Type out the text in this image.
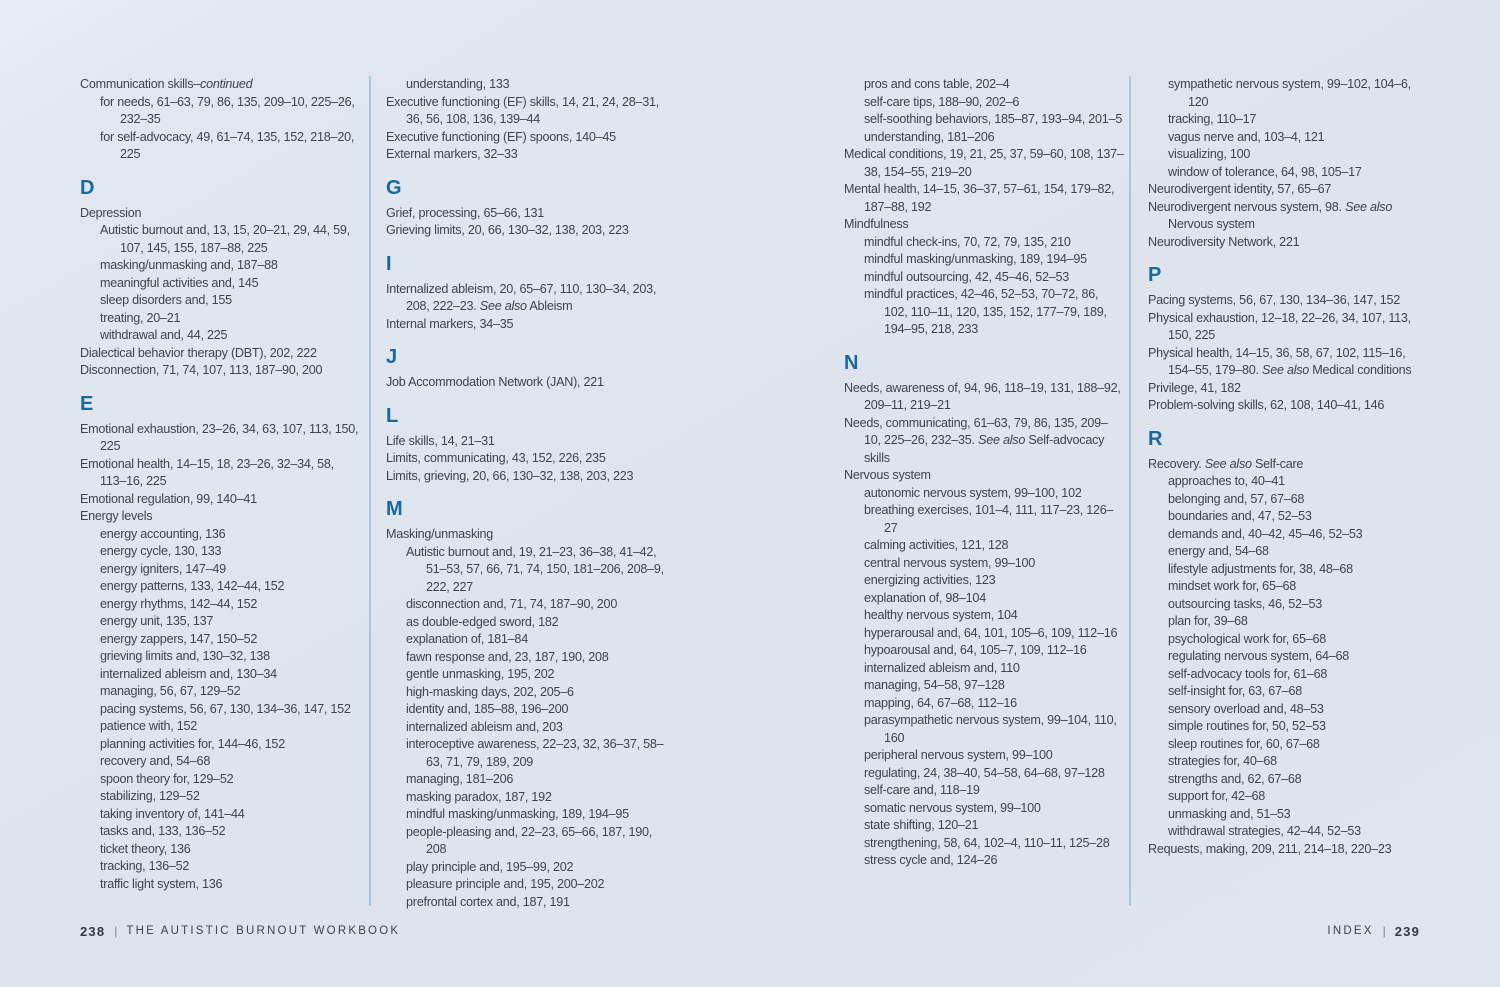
Communication skills–continued
for needs, 61–63, 79, 86, 135, 209–10, 225–26, 232–35
for self-advocacy, 49, 61–74, 135, 152, 218–20, 225
D
Depression
Autistic burnout and, 13, 15, 20–21, 29, 44, 59, 107, 145, 155, 187–88, 225
masking/unmasking and, 187–88
meaningful activities and, 145
sleep disorders and, 155
treating, 20–21
withdrawal and, 44, 225
Dialectical behavior therapy (DBT), 202, 222
Disconnection, 71, 74, 107, 113, 187–90, 200
E
Emotional exhaustion, 23–26, 34, 63, 107, 113, 150, 225
Emotional health, 14–15, 18, 23–26, 32–34, 58, 113–16, 225
Emotional regulation, 99, 140–41
Energy levels
energy accounting, 136
energy cycle, 130, 133
energy igniters, 147–49
energy patterns, 133, 142–44, 152
energy rhythms, 142–44, 152
energy unit, 135, 137
energy zappers, 147, 150–52
grieving limits and, 130–32, 138
internalized ableism and, 130–34
managing, 56, 67, 129–52
pacing systems, 56, 67, 130, 134–36, 147, 152
patience with, 152
planning activities for, 144–46, 152
recovery and, 54–68
spoon theory for, 129–52
stabilizing, 129–52
taking inventory of, 141–44
tasks and, 133, 136–52
ticket theory, 136
tracking, 136–52
traffic light system, 136
understanding, 133
Executive functioning (EF) skills, 14, 21, 24, 28–31, 36, 56, 108, 136, 139–44
Executive functioning (EF) spoons, 140–45
External markers, 32–33
G
Grief, processing, 65–66, 131
Grieving limits, 20, 66, 130–32, 138, 203, 223
I
Internalized ableism, 20, 65–67, 110, 130–34, 203, 208, 222–23. See also Ableism
Internal markers, 34–35
J
Job Accommodation Network (JAN), 221
L
Life skills, 14, 21–31
Limits, communicating, 43, 152, 226, 235
Limits, grieving, 20, 66, 130–32, 138, 203, 223
M
Masking/unmasking
Autistic burnout and, 19, 21–23, 36–38, 41–42, 51–53, 57, 66, 71, 74, 150, 181–206, 208–9, 222, 227
disconnection and, 71, 74, 187–90, 200
as double-edged sword, 182
explanation of, 181–84
fawn response and, 23, 187, 190, 208
gentle unmasking, 195, 202
high-masking days, 202, 205–6
identity and, 185–88, 196–200
internalized ableism and, 203
interoceptive awareness, 22–23, 32, 36–37, 58–63, 71, 79, 189, 209
managing, 181–206
masking paradox, 187, 192
mindful masking/unmasking, 189, 194–95
people-pleasing and, 22–23, 65–66, 187, 190, 208
play principle and, 195–99, 202
pleasure principle and, 195, 200–202
prefrontal cortex and, 187, 191
pros and cons table, 202–4
self-care tips, 188–90, 202–6
self-soothing behaviors, 185–87, 193–94, 201–5
understanding, 181–206
Medical conditions, 19, 21, 25, 37, 59–60, 108, 137–38, 154–55, 219–20
Mental health, 14–15, 36–37, 57–61, 154, 179–82, 187–88, 192
Mindfulness
mindful check-ins, 70, 72, 79, 135, 210
mindful masking/unmasking, 189, 194–95
mindful outsourcing, 42, 45–46, 52–53
mindful practices, 42–46, 52–53, 70–72, 86, 102, 110–11, 120, 135, 152, 177–79, 189, 194–95, 218, 233
N
Needs, awareness of, 94, 96, 118–19, 131, 188–92, 209–11, 219–21
Needs, communicating, 61–63, 79, 86, 135, 209–10, 225–26, 232–35. See also Self-advocacy skills
Nervous system
autonomic nervous system, 99–100, 102
breathing exercises, 101–4, 111, 117–23, 126–27
calming activities, 121, 128
central nervous system, 99–100
energizing activities, 123
explanation of, 98–104
healthy nervous system, 104
hyperarousal and, 64, 101, 105–6, 109, 112–16
hypoarousal and, 64, 105–7, 109, 112–16
internalized ableism and, 110
managing, 54–58, 97–128
mapping, 64, 67–68, 112–16
parasympathetic nervous system, 99–104, 110, 160
peripheral nervous system, 99–100
regulating, 24, 38–40, 54–58, 64–68, 97–128
self-care and, 118–19
somatic nervous system, 99–100
state shifting, 120–21
strengthening, 58, 64, 102–4, 110–11, 125–28
stress cycle and, 124–26
sympathetic nervous system, 99–102, 104–6, 120
tracking, 110–17
vagus nerve and, 103–4, 121
visualizing, 100
window of tolerance, 64, 98, 105–17
Neurodivergent identity, 57, 65–67
Neurodivergent nervous system, 98. See also Nervous system
Neurodiversity Network, 221
P
Pacing systems, 56, 67, 130, 134–36, 147, 152
Physical exhaustion, 12–18, 22–26, 34, 107, 113, 150, 225
Physical health, 14–15, 36, 58, 67, 102, 115–16, 154–55, 179–80. See also Medical conditions
Privilege, 41, 182
Problem-solving skills, 62, 108, 140–41, 146
R
Recovery. See also Self-care
approaches to, 40–41
belonging and, 57, 67–68
boundaries and, 47, 52–53
demands and, 40–42, 45–46, 52–53
energy and, 54–68
lifestyle adjustments for, 38, 48–68
mindset work for, 65–68
outsourcing tasks, 46, 52–53
plan for, 39–68
psychological work for, 65–68
regulating nervous system, 64–68
self-advocacy tools for, 61–68
self-insight for, 63, 67–68
sensory overload and, 48–53
simple routines for, 50, 52–53
sleep routines for, 60, 67–68
strategies for, 40–68
strengths and, 62, 67–68
support for, 42–68
unmasking and, 51–53
withdrawal strategies, 42–44, 52–53
Requests, making, 209, 211, 214–18, 220–23
238 | THE AUTISTIC BURNOUT WORKBOOK	INDEX | 239
